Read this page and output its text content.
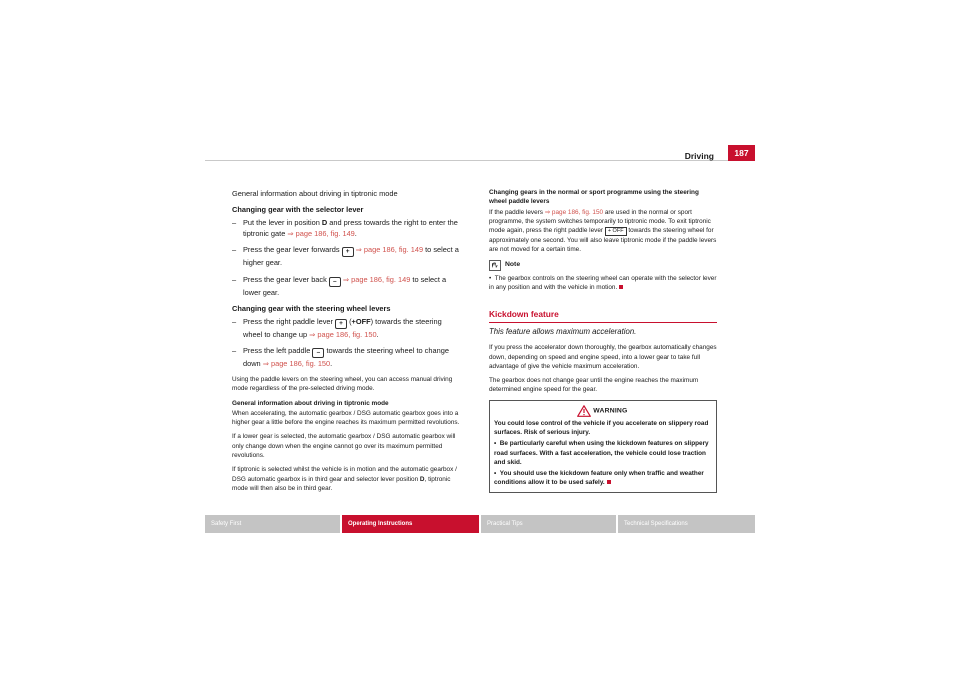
Driving	187

General information about driving in tiptronic mode

Changing gear with the selector lever

– Put the lever in position D and press towards the right to enter the tiptronic gate ⇒ page 186, fig. 149.
– Press the gear lever forwards + ⇒ page 186, fig. 149 to select a higher gear.
– Press the gear lever back – ⇒ page 186, fig. 149 to select a lower gear.

Changing gear with the steering wheel levers

– Press the right paddle lever + (+OFF) towards the steering wheel to change up ⇒ page 186, fig. 150.
– Press the left paddle – towards the steering wheel to change down ⇒ page 186, fig. 150.

Using the paddle levers on the steering wheel, you can access manual driving mode regardless of the pre-selected driving mode.

General information about driving in tiptronic mode

When accelerating, the automatic gearbox / DSG automatic gearbox goes into a higher gear a little before the engine reaches its maximum permitted revolutions.

If a lower gear is selected, the automatic gearbox / DSG automatic gearbox will only change down when the engine cannot go over its maximum permitted revolutions.

If tiptronic is selected whilst the vehicle is in motion and the automatic gearbox / DSG automatic gearbox is in third gear and selector lever position D, tiptronic mode will then also be in third gear.

Changing gears in the normal or sport programme using the steering wheel paddle levers

If the paddle levers ⇒ page 186, fig. 150 are used in the normal or sport programme, the system switches temporarily to tiptronic mode. To exit tiptronic mode again, press the right paddle lever + OFF towards the steering wheel for approximately one second. You will also leave tiptronic mode if the paddle levers are not moved for a certain time.

Note

•  The gearbox controls on the steering wheel can operate with the selector lever in any position and with the vehicle in motion.

Kickdown feature

This feature allows maximum acceleration.

If you press the accelerator down thoroughly, the gearbox automatically changes down, depending on speed and engine speed, into a lower gear to take full advantage of give the vehicle maximum acceleration.

The gearbox does not change gear until the engine reaches the maximum determined engine speed for the gear.

WARNING

You could lose control of the vehicle if you accelerate on slippery road surfaces. Risk of serious injury.

•  Be particularly careful when using the kickdown features on slippery road surfaces. With a fast acceleration, the vehicle could lose traction and skid.

•  You should use the kickdown feature only when traffic and weather conditions allow it to be used safely.

Safety First	Operating Instructions	Practical Tips	Technical Specifications
